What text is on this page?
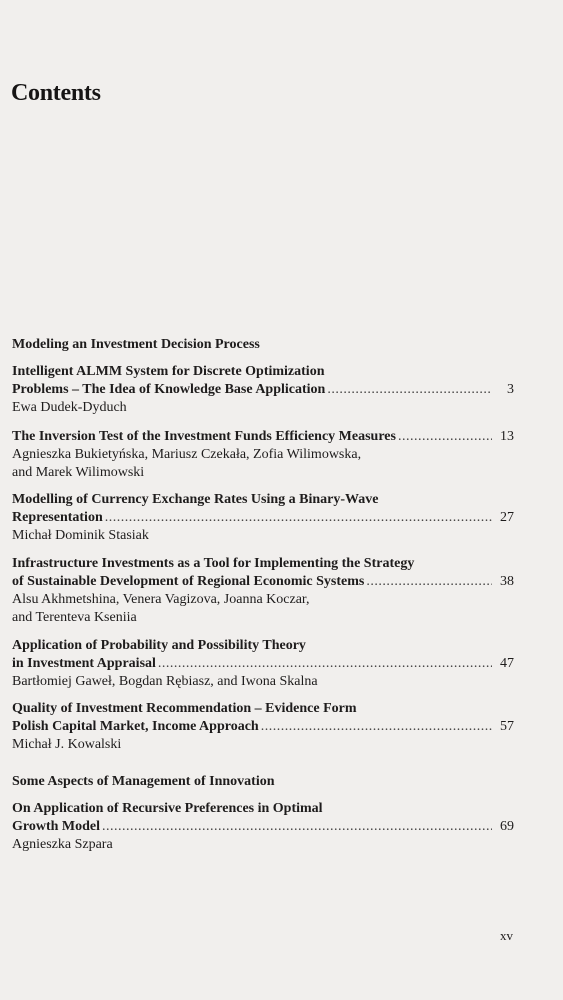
Contents
Modeling an Investment Decision Process
Intelligent ALMM System for Discrete Optimization
Problems – The Idea of Knowledge Base Application . . .	3
Ewa Dudek-Dyduch
The Inversion Test of the Investment Funds Efficiency Measures . . .	13
Agnieszka Bukietyńska, Mariusz Czekała, Zofia Wilimowska,
and Marek Wilimowski
Modelling of Currency Exchange Rates Using a Binary-Wave
Representation . . .	27
Michał Dominik Stasiak
Infrastructure Investments as a Tool for Implementing the Strategy
of Sustainable Development of Regional Economic Systems . . .	38
Alsu Akhmetshina, Venera Vagizova, Joanna Koczar,
and Terenteva Kseniia
Application of Probability and Possibility Theory
in Investment Appraisal . . .	47
Bartłomiej Gaweł, Bogdan Rębiasz, and Iwona Skalna
Quality of Investment Recommendation – Evidence Form
Polish Capital Market, Income Approach . . .	57
Michał J. Kowalski
Some Aspects of Management of Innovation
On Application of Recursive Preferences in Optimal
Growth Model . . .	69
Agnieszka Szpara
xv
